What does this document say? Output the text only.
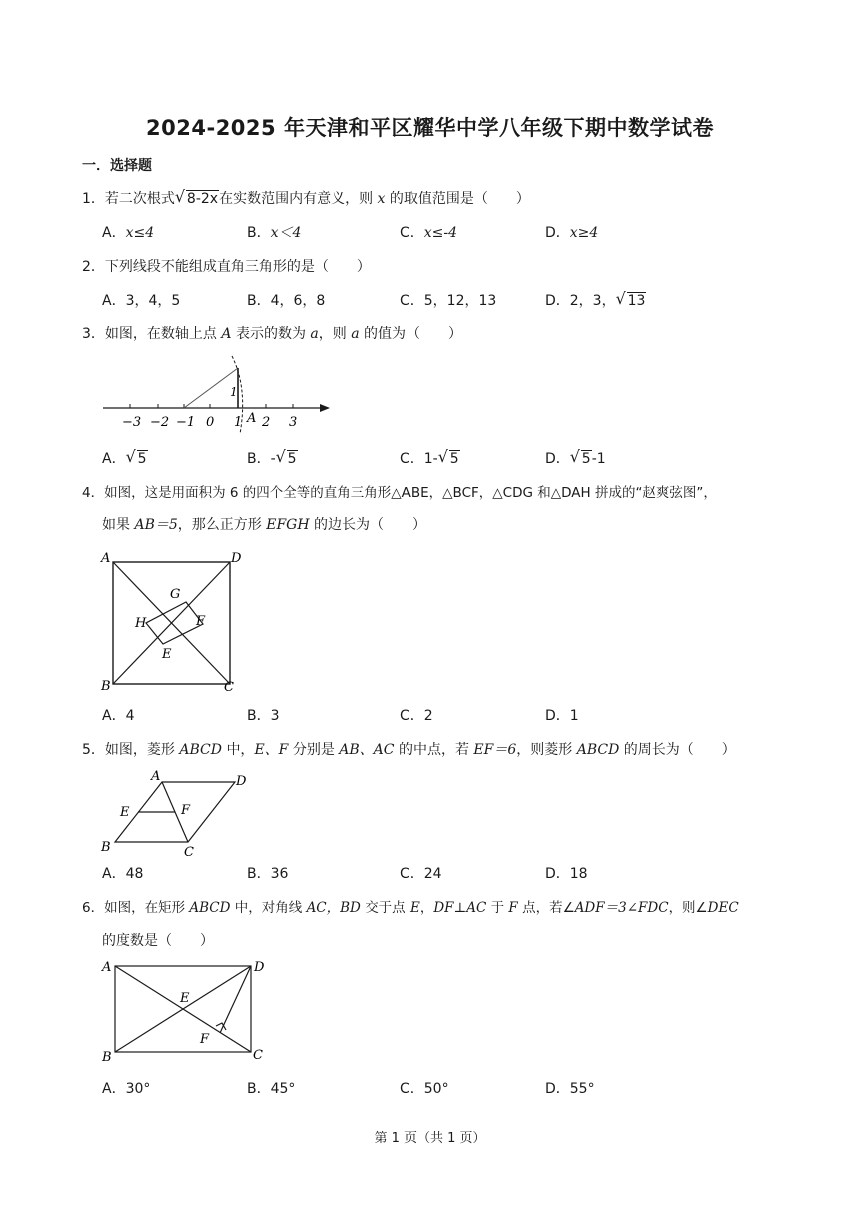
2024-2025 年天津和平区耀华中学八年级下期中数学试卷
一．选择题
1．若二次根式 √ 8-2x在实数范围内有意义，则 x 的取值范围是（　　）
A．x≤4	B．x＜4	C．x≤-4	D．x≥4
2．下列线段不能组成直角三角形的是（　　）
A．3，4，5	B．4，6，8	C．5，12，13	D．2，3， √ 13
3．如图，在数轴上点 A 表示的数为 a，则 a 的值为（　　）
1
A
−3 −2 −1 0 1 2 3
A． √ 5	B．- √ 5	C．1- √ 5	D． √ 5-1
4．如图，这是用面积为 6 的四个全等的直角三角形△ABE，△BCF，△CDG 和△DAH 拼成的“赵爽弦图”，
如果 AB＝5，那么正方形 EFGH 的边长为（　　）
A	D
B	C
G
H	F
E
A．4	B．3	C．2	D．1
5．如图，菱形 ABCD 中，E、F 分别是 AB、AC 的中点，若 EF＝6，则菱形 ABCD 的周长为（　　）
A	D
E	F
B	C
A．48	B．36	C．24	D．18
6．如图，在矩形 ABCD 中，对角线 AC，BD 交于点 E，DF⊥AC 于 F 点，若∠ADF＝3∠FDC，则∠DEC
的度数是（　　）
A	D
E
F
B	C
A．30°	B．45°	C．50°	D．55°
第 1 页（共 1 页）
